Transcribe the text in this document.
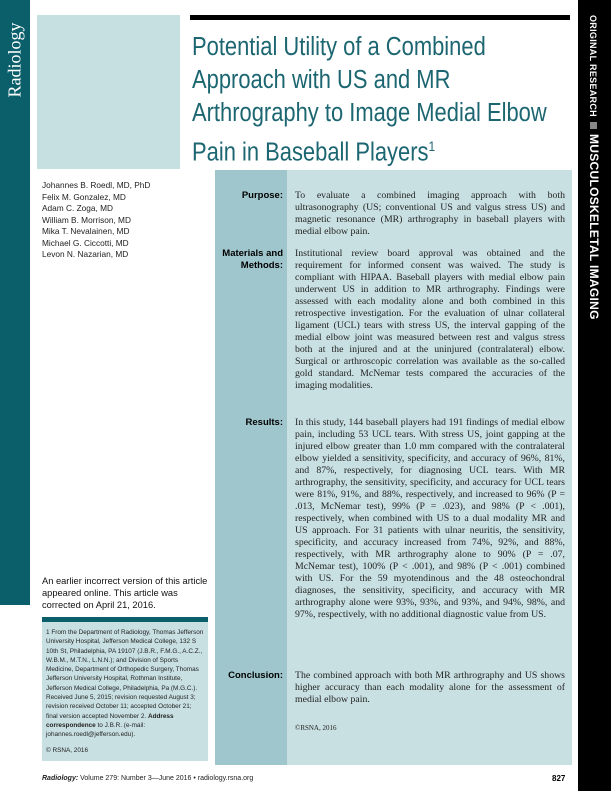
Radiology	Potential Utility of a Combined Approach with US and MR Arthrography to Image Medial Elbow Pain in Baseball Players$^1$
ORIGINAL RESEARCHMUSCULOSKELETAL IMAGING
Johannes B. Roedl, MD, PhD
Felix M. Gonzalez, MD
Adam C. Zoga, MD
William B. Morrison, MD
Mika T. Nevalainen, MD
Michael G. Ciccotti, MD
Levon N. Nazarian, MD
Purpose: To evaluate a combined imaging approach with both ultrasonography (US; conventional US and valgus stress US) and magnetic resonance (MR) arthrography in baseball players with medial elbow pain.
Materials and Methods:
Institutional review board approval was obtained and the requirement for informed consent was waived. The study is compliant with HIPAA. Baseball players with medial elbow pain underwent US in addition to MR arthrography. Findings were assessed with each modality alone and both combined in this retrospective investigation. For the evaluation of ulnar collateral ligament (UCL) tears with stress US, the interval gapping of the medial elbow joint was measured between rest and valgus stress both at the injured and at the uninjured (contralateral) elbow. Surgical or arthroscopic correlation was available as the so-called gold standard. McNemar tests compared the accuracies of the imaging modalities.
Results: In this study, 144 baseball players had 191 findings of medial elbow pain, including 53 UCL tears. With stress US, joint gapping at the injured elbow greater than 1.0 mm compared with the contralateral elbow yielded a sensitivity, specificity, and accuracy of 96%, 81%, and 87%, respectively, for diagnosing UCL tears. With MR arthrography, the sensitivity, specificity, and accuracy for UCL tears were 81%, 91%, and 88%, respectively, and increased to 96% (P = .013, McNemar test), 99% (P = .023), and 98% (P < .001), respectively, when combined with US to a dual modality MR and US approach. For 31 patients with ulnar neuritis, the sensitivity, specificity, and accuracy increased from 74%, 92%, and 88%, respectively, with MR arthrography alone to 90% (P = .07, McNemar test), 100% (P < .001), and 98% (P < .001) combined with US. For the 59 myotendinous and the 48 osteochondral diagnoses, the sensitivity, specificity, and accuracy with MR arthrography alone were 93%, 93%, and 93%, and 94%, 98%, and 97%, respectively, with no additional diagnostic value from US.
Conclusion: The combined approach with both MR arthrography and US shows higher accuracy than each modality alone for the assessment of medial elbow pain.
©RSNA, 2016
An earlier incorrect version of this article appeared online. This article was corrected on April 21, 2016.
1 From the Department of Radiology, Thomas Jefferson University Hospital, Jefferson Medical College, 132 S 10th St, Philadelphia, PA 19107 (J.B.R., F.M.G., A.C.Z., W.B.M., M.T.N., L.N.N.); and Division of Sports Medicine, Department of Orthopedic Surgery, Thomas Jefferson University Hospital, Rothman Institute, Jefferson Medical College, Philadelphia, Pa (M.G.C.). Received June 5, 2015; revision requested August 3; revision received October 11; accepted October 21; final version accepted November 2. Address correspondence to J.B.R. (e-mail: johannes.roedl@jefferson.edu).
© RSNA, 2016
Radiology: Volume 279: Number 3—June 2016 • radiology.rsna.org	827
